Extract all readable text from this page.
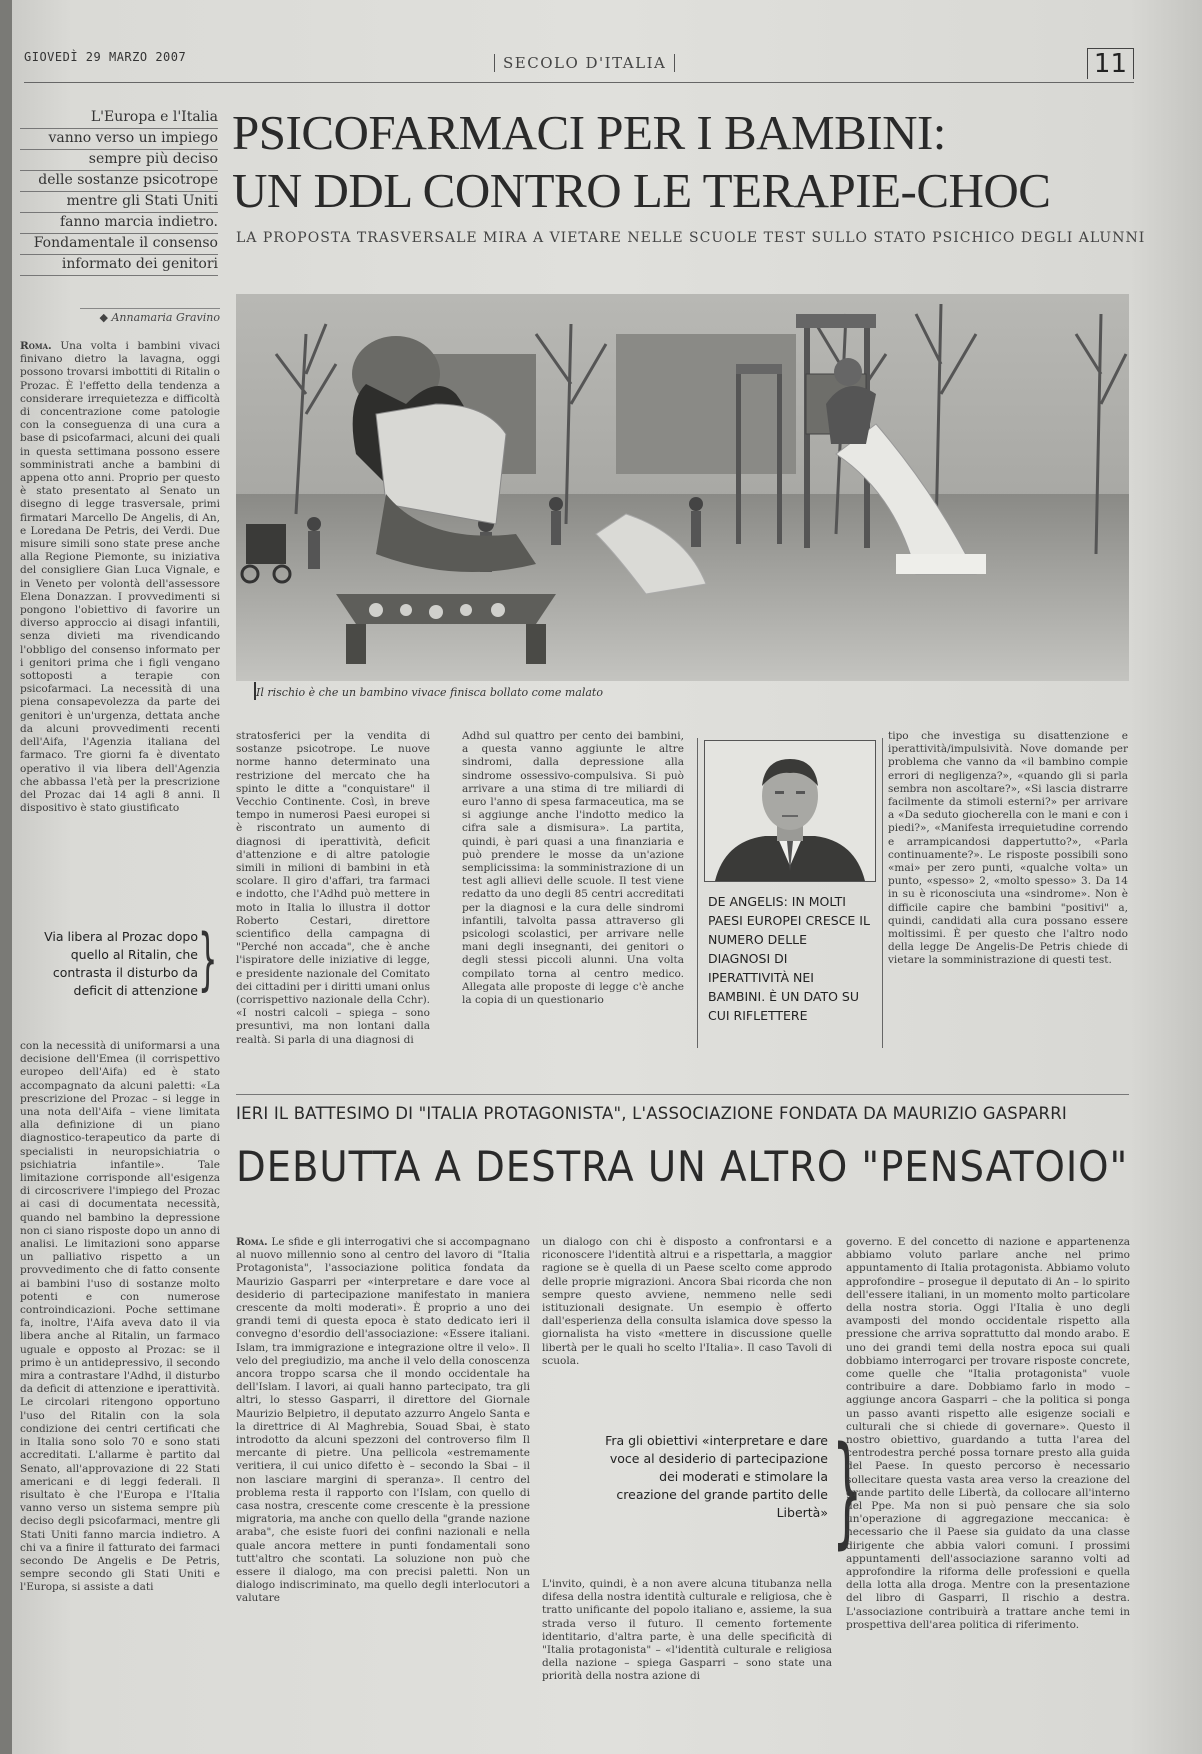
GIOVEDÌ 29 MARZO 2007	SECOLO D'ITALIA	11
L'Europa e l'Italia
vanno verso un impiego
sempre più deciso
delle sostanze psicotrope
mentre gli Stati Uniti
fanno marcia indietro.
Fondamentale il consenso
informato dei genitori
◆ Annamaria Gravino
PSICOFARMACI PER I BAMBINI:
UN DDL CONTRO LE TERAPIE-CHOC
LA PROPOSTA TRASVERSALE MIRA A VIETARE NELLE SCUOLE TEST SULLO STATO PSICHICO DEGLI ALUNNI
Il rischio è che un bambino vivace finisca bollato come malato

Roma. Una volta i bambini vivaci finivano dietro la lavagna, oggi possono trovarsi imbottiti di Ritalin o Prozac. È l'effetto della tendenza a considerare irrequietezza e difficoltà di concentrazione come patologie con la conseguenza di una cura a base di psicofarmaci, alcuni dei quali in questa settimana possono essere somministrati anche a bambini di appena otto anni. Proprio per questo è stato presentato al Senato un disegno di legge trasversale, primi firmatari Marcello De Angelis, di An, e Loredana De Petris, dei Verdi. Due misure simili sono state prese anche alla Regione Piemonte, su iniziativa del consigliere Gian Luca Vignale, e in Veneto per volontà dell'assessore Elena Donazzan. I provvedimenti si pongono l'obiettivo di favorire un diverso approccio ai disagi infantili, senza divieti ma rivendicando l'obbligo del consenso informato per i genitori prima che i figli vengano sottoposti a terapie con psicofarmaci. La necessità di una piena consapevolezza da parte dei genitori è un'urgenza, dettata anche da alcuni provvedimenti recenti dell'Aifa, l'Agenzia italiana del farmaco. Tre giorni fa è diventato operativo il via libera dell'Agenzia che abbassa l'età per la prescrizione del Prozac dai 14 agli 8 anni. Il dispositivo è stato giustificato

Via libera al Prozac dopo quello al Ritalin, che contrasta il disturbo da deficit di attenzione }

con la necessità di uniformarsi a una decisione dell'Emea (il corrispettivo europeo dell'Aifa) ed è stato accompagnato da alcuni paletti: «La prescrizione del Prozac – si legge in una nota dell'Aifa – viene limitata alla definizione di un piano diagnostico-terapeutico da parte di specialisti in neuropsichiatria o psichiatria infantile». Tale limitazione corrisponde all'esigenza di circoscrivere l'impiego del Prozac ai casi di documentata necessità, quando nel bambino la depressione non ci siano risposte dopo un anno di analisi. Le limitazioni sono apparse un palliativo rispetto a un provvedimento che di fatto consente ai bambini l'uso di sostanze molto potenti e con numerose controindicazioni. Poche settimane fa, inoltre, l'Aifa aveva dato il via libera anche al Ritalin, un farmaco uguale e opposto al Prozac: se il primo è un antidepressivo, il secondo mira a contrastare l'Adhd, il disturbo da deficit di attenzione e iperattività. Le circolari ritengono opportuno l'uso del Ritalin con la sola condizione dei centri certificati che in Italia sono solo 70 e sono stati accreditati. L'allarme è partito dal Senato, all'approvazione di 22 Stati americani e di leggi federali. Il risultato è che l'Europa e l'Italia vanno verso un sistema sempre più deciso degli psicofarmaci, mentre gli Stati Uniti fanno marcia indietro. A chi va a finire il fatturato dei farmaci secondo De Angelis e De Petris, sempre secondo gli Stati Uniti e l'Europa, si assiste a dati

stratosferici per la vendita di sostanze psicotrope. Le nuove norme hanno determinato una restrizione del mercato che ha spinto le ditte a "conquistare" il Vecchio Continente. Così, in breve tempo in numerosi Paesi europei si è riscontrato un aumento di diagnosi di iperattività, deficit d'attenzione e di altre patologie simili in milioni di bambini in età scolare. Il giro d'affari, tra farmaci e indotto, che l'Adhd può mettere in moto in Italia lo illustra il dottor Roberto Cestari, direttore scientifico della campagna di "Perché non accada", che è anche l'ispiratore delle iniziative di legge, e presidente nazionale del Comitato dei cittadini per i diritti umani onlus (corrispettivo nazionale della Cchr). «I nostri calcoli – spiega – sono presuntivi, ma non lontani dalla realtà. Si parla di una diagnosi di

Adhd sul quattro per cento dei bambini, a questa vanno aggiunte le altre sindromi, dalla depressione alla sindrome ossessivo-compulsiva. Si può arrivare a una stima di tre miliardi di euro l'anno di spesa farmaceutica, ma se si aggiunge anche l'indotto medico la cifra sale a dismisura». La partita, quindi, è pari quasi a una finanziaria e può prendere le mosse da un'azione semplicissima: la somministrazione di un test agli allievi delle scuole. Il test viene redatto da uno degli 85 centri accreditati per la diagnosi e la cura delle sindromi infantili, talvolta passa attraverso gli psicologi scolastici, per arrivare nelle mani degli insegnanti, dei genitori o degli stessi piccoli alunni. Una volta compilato torna al centro medico. Allegata alle proposte di legge c'è anche la copia di un questionario

DE ANGELIS: IN MOLTI PAESI EUROPEI CRESCE IL NUMERO DELLE DIAGNOSI DI IPERATTIVITÀ NEI BAMBINI. È UN DATO SU CUI RIFLETTERE

tipo che investiga su disattenzione e iperattività/impulsività. Nove domande per problema che vanno da «il bambino compie errori di negligenza?», «quando gli si parla sembra non ascoltare?», «Si lascia distrarre facilmente da stimoli esterni?» per arrivare a «Da seduto giocherella con le mani e con i piedi?», «Manifesta irrequietudine correndo e arrampicandosi dappertutto?», «Parla continuamente?». Le risposte possibili sono «mai» per zero punti, «qualche volta» un punto, «spesso» 2, «molto spesso» 3. Da 14 in su è riconosciuta una «sindrome». Non è difficile capire che bambini "positivi" a, quindi, candidati alla cura possano essere moltissimi. È per questo che l'altro nodo della legge De Angelis-De Petris chiede di vietare la somministrazione di questi test.

IERI IL BATTESIMO DI "ITALIA PROTAGONISTA", L'ASSOCIAZIONE FONDATA DA MAURIZIO GASPARRI
DEBUTTA A DESTRA UN ALTRO "PENSATOIO"

Roma. Le sfide e gli interrogativi che si accompagnano al nuovo millennio sono al centro del lavoro di "Italia Protagonista", l'associazione politica fondata da Maurizio Gasparri per «interpretare e dare voce al desiderio di partecipazione manifestato in maniera crescente da molti moderati». È proprio a uno dei grandi temi di questa epoca è stato dedicato ieri il convegno d'esordio dell'associazione: «Essere italiani. Islam, tra immigrazione e integrazione oltre il velo». Il velo del pregiudizio, ma anche il velo della conoscenza ancora troppo scarsa che il mondo occidentale ha dell'Islam. I lavori, ai quali hanno partecipato, tra gli altri, lo stesso Gasparri, il direttore del Giornale Maurizio Belpietro, il deputato azzurro Angelo Santa e la direttrice di Al Maghrebia, Souad Sbai, è stato introdotto da alcuni spezzoni del controverso film Il mercante di pietre. Una pellicola «estremamente veritiera, il cui unico difetto è – secondo la Sbai – il non lasciare margini di speranza». Il centro del problema resta il rapporto con l'Islam, con quello di casa nostra, crescente come crescente è la pressione migratoria, ma anche con quello della "grande nazione araba", che esiste fuori dei confini nazionali e nella quale ancora mettere in punti fondamentali sono tutt'altro che scontati. La soluzione non può che essere il dialogo, ma con precisi paletti. Non un dialogo indiscriminato, ma quello degli interlocutori a valutare

un dialogo con chi è disposto a confrontarsi e a riconoscere l'identità altrui e a rispettarla, a maggior ragione se è quella di un Paese scelto come approdo delle proprie migrazioni. Ancora Sbai ricorda che non sempre questo avviene, nemmeno nelle sedi istituzionali designate. Un esempio è offerto dall'esperienza della consulta islamica dove spesso la giornalista ha visto «mettere in discussione quelle libertà per le quali ho scelto l'Italia». Il caso Tavoli di scuola.

Fra gli obiettivi «interpretare e dare voce al desiderio di partecipazione dei moderati e stimolare la creazione del grande partito delle Libertà» }

L'invito, quindi, è a non avere alcuna titubanza nella difesa della nostra identità culturale e religiosa, che è tratto unificante del popolo italiano e, assieme, la sua strada verso il futuro. Il cemento fortemente identitario, d'altra parte, è una delle specificità di "Italia protagonista" – «l'identità culturale e religiosa della nazione – spiega Gasparri – sono state una priorità della nostra azione di

governo. E del concetto di nazione e appartenenza abbiamo voluto parlare anche nel primo appuntamento di Italia protagonista. Abbiamo voluto approfondire – prosegue il deputato di An – lo spirito dell'essere italiani, in un momento molto particolare della nostra storia. Oggi l'Italia è uno degli avamposti del mondo occidentale rispetto alla pressione che arriva soprattutto dal mondo arabo. E uno dei grandi temi della nostra epoca sui quali dobbiamo interrogarci per trovare risposte concrete, come quelle che "Italia protagonista" vuole contribuire a dare. Dobbiamo farlo in modo – aggiunge ancora Gasparri – che la politica si ponga un passo avanti rispetto alle esigenze sociali e culturali che si chiede di governare». Questo il nostro obiettivo, guardando a tutta l'area del centrodestra perché possa tornare presto alla guida del Paese. In questo percorso è necessario sollecitare questa vasta area verso la creazione del grande partito delle Libertà, da collocare all'interno del Ppe. Ma non si può pensare che sia solo un'operazione di aggregazione meccanica: è necessario che il Paese sia guidato da una classe dirigente che abbia valori comuni. I prossimi appuntamenti dell'associazione saranno volti ad approfondire la riforma delle professioni e quella della lotta alla droga. Mentre con la presentazione del libro di Gasparri, Il rischio a destra. L'associazione contribuirà a trattare anche temi in prospettiva dell'area politica di riferimento.
